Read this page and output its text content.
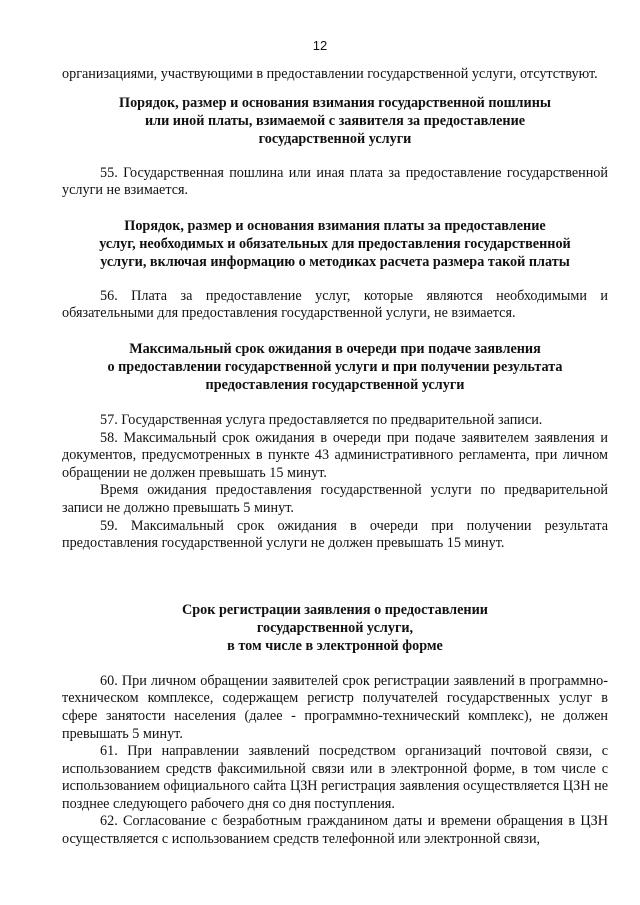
12

организациями, участвующими в предоставлении государственной услуги, отсутствуют.

Порядок, размер и основания взимания государственной пошлины
или иной платы, взимаемой с заявителя за предоставление
государственной услуги

55. Государственная пошлина или иная плата за предоставление государственной услуги не взимается.

Порядок, размер и основания взимания платы за предоставление
услуг, необходимых и обязательных для предоставления государственной
услуги, включая информацию о методиках расчета размера такой платы

56. Плата за предоставление услуг, которые являются необходимыми и обязательными для предоставления государственной услуги, не взимается.

Максимальный срок ожидания в очереди при подаче заявления
о предоставлении государственной услуги и при получении результата
предоставления государственной услуги

57. Государственная услуга предоставляется по предварительной записи.

58. Максимальный срок ожидания в очереди при подаче заявителем заявления и документов, предусмотренных в пункте 43 административного регламента, при личном обращении не должен превышать 15 минут.

Время ожидания предоставления государственной услуги по предварительной записи не должно превышать 5 минут.

59. Максимальный срок ожидания в очереди при получении результата предоставления государственной услуги не должен превышать 15 минут.

Срок регистрации заявления о предоставлении
государственной услуги,
в том числе в электронной форме

60. При личном обращении заявителей срок регистрации заявлений в программно-техническом комплексе, содержащем регистр получателей государственных услуг в сфере занятости населения (далее - программно-технический комплекс), не должен превышать 5 минут.

61. При направлении заявлений посредством организаций почтовой связи, с использованием средств факсимильной связи или в электронной форме, в том числе с использованием официального сайта ЦЗН регистрация заявления осуществляется ЦЗН не позднее следующего рабочего дня со дня поступления.

62. Согласование с безработным гражданином даты и времени обращения в ЦЗН осуществляется с использованием средств телефонной или электронной связи,
